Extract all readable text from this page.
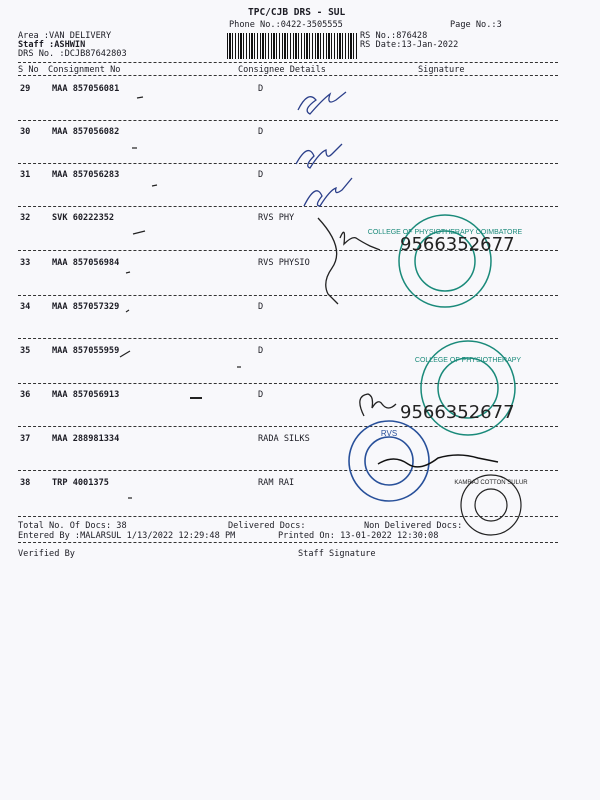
TPC/CJB DRS - SUL
Phone No.:0422-3505555	Page No.:3
Area :VAN DELIVERY
Staff :ASHWIN
DRS No. :DCJB87642803
RS No.:876428
RS Date:13-Jan-2022
S No Consignment No	Consignee Details	Signature
29	MAA 857056081	D
30	MAA 857056082	D
31	MAA 857056283	D
32	SVK 60222352	RVS PHY
33	MAA 857056984	RVS PHYSIO
34	MAA 857057329	D
35	MAA 857055959	D
36	MAA 857056913	D
37	MAA 288981334	RADA SILKS
38	TRP 4001375	RAM RAI
COLLEGE OF PHYSIOTHERAPY COIMBATORE
9566352677
COLLEGE OF PHYSIOTHERAPY
9566352677
RVS
KAMRAJ COTTON SULUR
Total No. Of Docs: 38	Delivered Docs:	Non Delivered Docs:
Entered By :MALARSUL 1/13/2022 12:29:48 PM	Printed On: 13-01-2022 12:30:08
Verified By	Staff Signature
